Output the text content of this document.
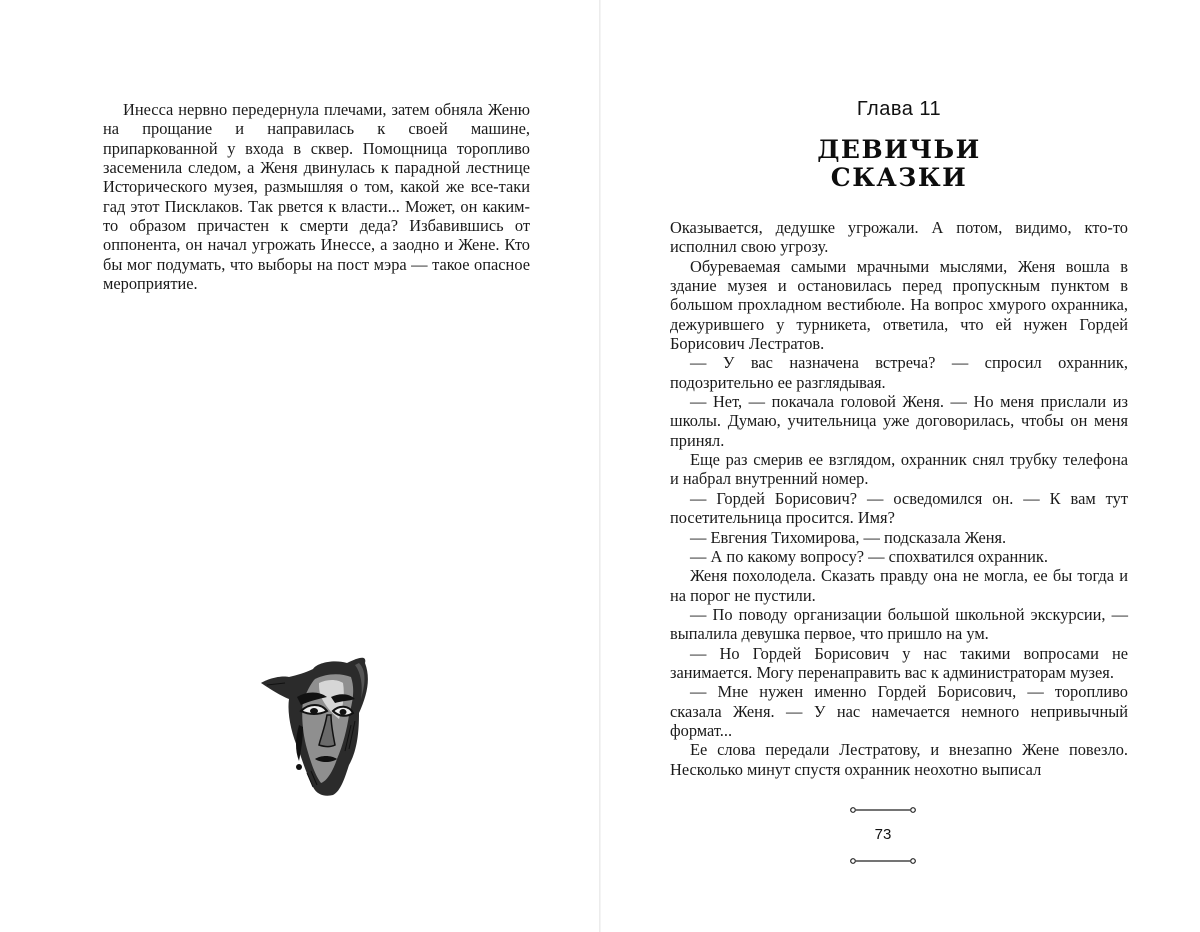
Инесса нервно передернула плечами, затем обняла Женю на прощание и направилась к своей машине, припаркованной у входа в сквер. Помощница торопливо засеменила следом, а Женя двинулась к парадной лестнице Исторического музея, размышляя о том, какой же все-таки гад этот Писклаков. Так рвется к власти... Может, он каким-то образом причастен к смерти деда? Избавившись от оппонента, он начал угрожать Инессе, а заодно и Жене. Кто бы мог подумать, что выборы на пост мэра — такое опасное мероприятие.

Глава 11
ДЕВИЧЬИ
СКАЗКИ

Оказывается, дедушке угрожали. А потом, видимо, кто-то исполнил свою угрозу.

Обуреваемая самыми мрачными мыслями, Женя вошла в здание музея и остановилась перед пропускным пунктом в большом прохладном вестибюле. На вопрос хмурого охранника, дежурившего у турникета, ответила, что ей нужен Гордей Борисович Лестратов.

— У вас назначена встреча? — спросил охранник, подозрительно ее разглядывая.

— Нет, — покачала головой Женя. — Но меня прислали из школы. Думаю, учительница уже договорилась, чтобы он меня принял.

Еще раз смерив ее взглядом, охранник снял трубку телефона и набрал внутренний номер.

— Гордей Борисович? — осведомился он. — К вам тут посетительница просится. Имя?

— Евгения Тихомирова, — подсказала Женя.

— А по какому вопросу? — спохватился охранник.

Женя похолодела. Сказать правду она не могла, ее бы тогда и на порог не пустили.

— По поводу организации большой школьной экскурсии, — выпалила девушка первое, что пришло на ум.

— Но Гордей Борисович у нас такими вопросами не занимается. Могу перенаправить вас к администраторам музея.

— Мне нужен именно Гордей Борисович, — торопливо сказала Женя. — У нас намечается немного непривычный формат...

Ее слова передали Лестратову, и внезапно Жене повезло. Несколько минут спустя охранник неохотно выписал

73
